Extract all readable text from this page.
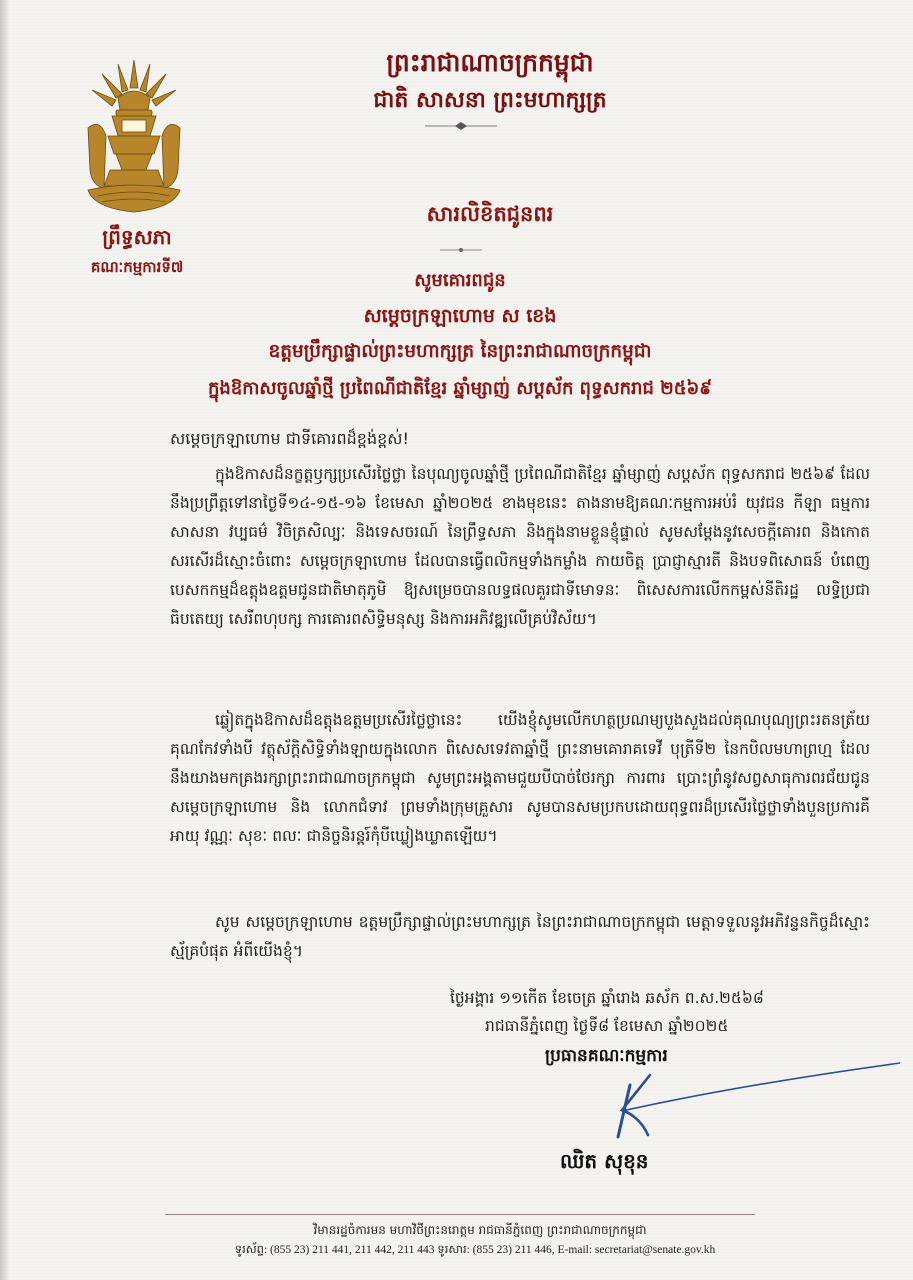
ព្រឹទ្ធសភា
គណៈកម្មការទី៧
ព្រះរាជាណាចក្រកម្ពុជា
ជាតិ សាសនា ព្រះមហាក្សត្រ
សារលិខិតជូនពរ
សូមគោរពជូន
សម្តេចក្រឡាហោម ស ខេង
ឧត្តមប្រឹក្សាផ្ទាល់ព្រះមហាក្សត្រ នៃព្រះរាជាណាចក្រកម្ពុជា
ក្នុងឱកាសចូលឆ្នាំថ្មី ប្រពៃណីជាតិខ្មែរ ឆ្នាំម្សាញ់ សប្តស័ក ពុទ្ធសករាជ ២៥៦៩
សម្តេចក្រឡាហោម ជាទីគោរពដ៏ខ្ពង់ខ្ពស់!
ក្នុងឱកាសដ៏នក្ខត្តឫក្សប្រសើរថ្លៃថ្លា នៃបុណ្យចូលឆ្នាំថ្មី ប្រពៃណីជាតិខ្មែរ ឆ្នាំម្សាញ់ សប្តស័ក ពុទ្ធសករាជ ២៥៦៩ ដែលនឹងប្រព្រឹត្តទៅនាថ្ងៃទី១៤-១៥-១៦ ខែមេសា ឆ្នាំ២០២៥ ខាងមុខនេះ តាងនាមឱ្យគណៈកម្មការអប់រំ យុវជន កីឡា ធម្មការ សាសនា វប្បធម៌ វិចិត្រសិល្បៈ និងទេសចរណ៍ នៃព្រឹទ្ធសភា និងក្នុងនាមខ្លួនខ្ញុំផ្ទាល់ សូមសម្តែងនូវសេចក្តីគោរព និងកោតសរសើរដ៏ស្មោះចំពោះ សម្តេចក្រឡាហោម ដែលបានធ្វើពលិកម្មទាំងកម្លាំង កាយចិត្ត ប្រាជ្ញាស្មារតី និងបទពិសោធន៍ បំពេញបេសកកម្មដ៏ឧត្តុងឧត្តមជូនជាតិមាតុភូមិ ឱ្យសម្រេចបានលទ្ធផលគួរជាទីមោទនៈ ពិសេសការលើកកម្ពស់នីតិរដ្ឋ លទ្ធិប្រជាធិបតេយ្យ សេរីពហុបក្ស ការគោរពសិទ្ធិមនុស្ស និងការអភិវឌ្ឍលើគ្រប់វិស័យ។
ឆ្លៀតក្នុងឱកាសដ៏ឧត្តុងឧត្តមប្រសើរថ្លៃថ្លានេះ យើងខ្ញុំសូមលើកហត្ថប្រណម្យបួងសួងដល់គុណបុណ្យព្រះរតនត្រ័យគុណកែវទាំងបី វត្ថុស័ក្តិសិទ្ធិទាំងឡាយក្នុងលោក ពិសេសទេវតាឆ្នាំថ្មី ព្រះនាមគោរាគទេវី បុត្រីទី២ នៃកបិលមហាព្រហ្ម ដែលនឹងយាងមកគ្រងរក្សាព្រះរាជាណាចក្រកម្ពុជា សូមព្រះអង្គតាមជួយបីបាច់ថែរក្សា ការពារ ប្រោះព្រំនូវសព្វសាធុការពរជ័យជូន សម្តេចក្រឡាហោម និង លោកជំទាវ ព្រមទាំងក្រុមគ្រួសារ សូមបានសមប្រកបដោយពុទ្ធពរដ៏ប្រសើរថ្លៃថ្លាទាំងបួនប្រការគឺ អាយុ វណ្ណៈ សុខៈ ពលៈ ជានិច្ចនិរន្តរ៍កុំបីឃ្លៀងឃ្លាតឡើយ។
សូម សម្តេចក្រឡាហោម ឧត្តមប្រឹក្សាផ្ទាល់ព្រះមហាក្សត្រ នៃព្រះរាជាណាចក្រកម្ពុជា មេត្តាទទួលនូវអភិវន្ទនកិច្ចដ៏ស្មោះស្ម័គ្របំផុត អំពីយើងខ្ញុំ។
ថ្ងៃអង្គារ ១១កើត ខែចេត្រ ឆ្នាំរោង ឆស័ក ព.ស.២៥៦៨
រាជធានីភ្នំពេញ ថ្ងៃទី៨ ខែមេសា ឆ្នាំ២០២៥
ប្រធានគណៈកម្មការ
ឈិត សុខុន
វិមានរដ្ឋចំការមន មហាវិថីព្រះនរោត្តម រាជធានីភ្នំពេញ ព្រះរាជាណាចក្រកម្ពុជា
ទូរស័ព្ទ: (855 23) 211 441, 211 442, 211 443 ទូរសារ: (855 23) 211 446, E-mail: secretariat@senate.gov.kh
